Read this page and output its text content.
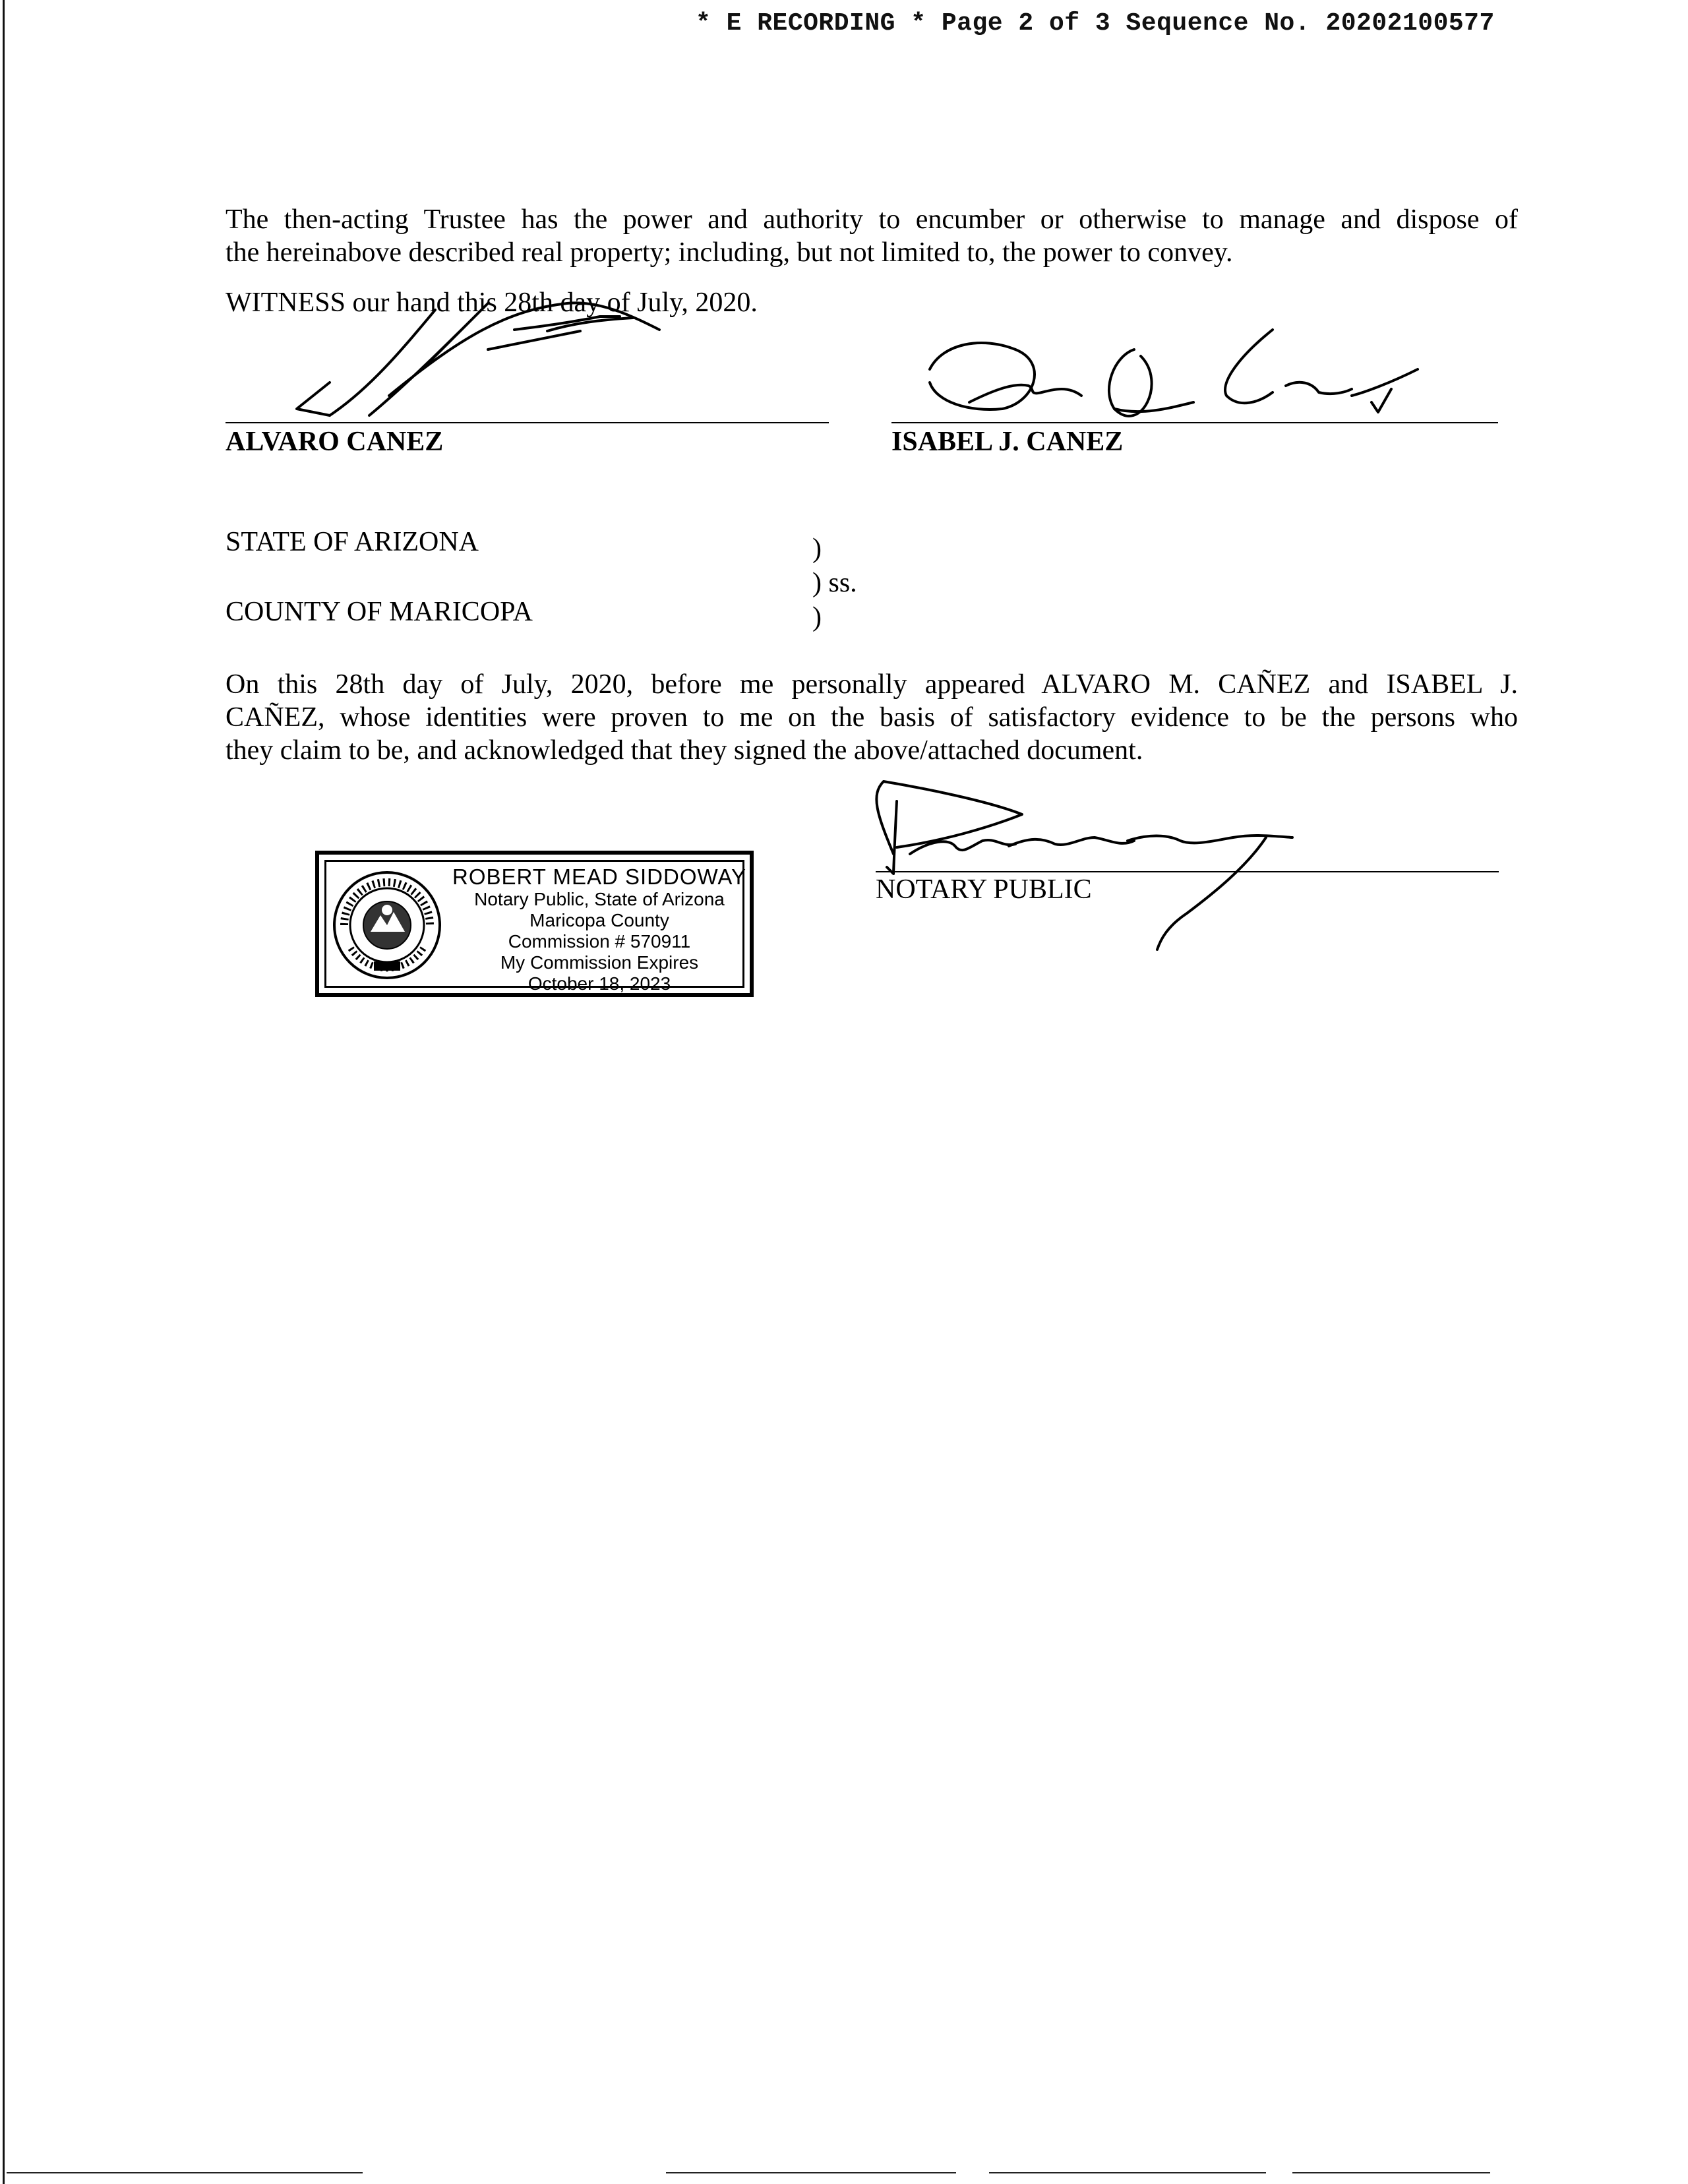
* E RECORDING * Page 2 of 3 Sequence No. 20202100577
The then-acting Trustee has the power and authority to encumber or otherwise to manage and dispose of
the hereinabove described real property; including, but not limited to, the power to convey.
WITNESS our hand this 28th day of July, 2020.
ALVARO CANEZ	ISABEL J. CANEZ
STATE OF ARIZONA
COUNTY OF MARICOPA
)
) ss.
)
On this 28th day of July, 2020, before me personally appeared ALVARO M. CAÑEZ and ISABEL J.
CAÑEZ, whose identities were proven to me on the basis of satisfactory evidence to be the persons who
they claim to be, and acknowledged that they signed the above/attached document.
NOTARY PUBLIC
ROBERT MEAD SIDDOWAY
Notary Public, State of Arizona
Maricopa County
Commission # 570911
My Commission Expires
October 18, 2023
